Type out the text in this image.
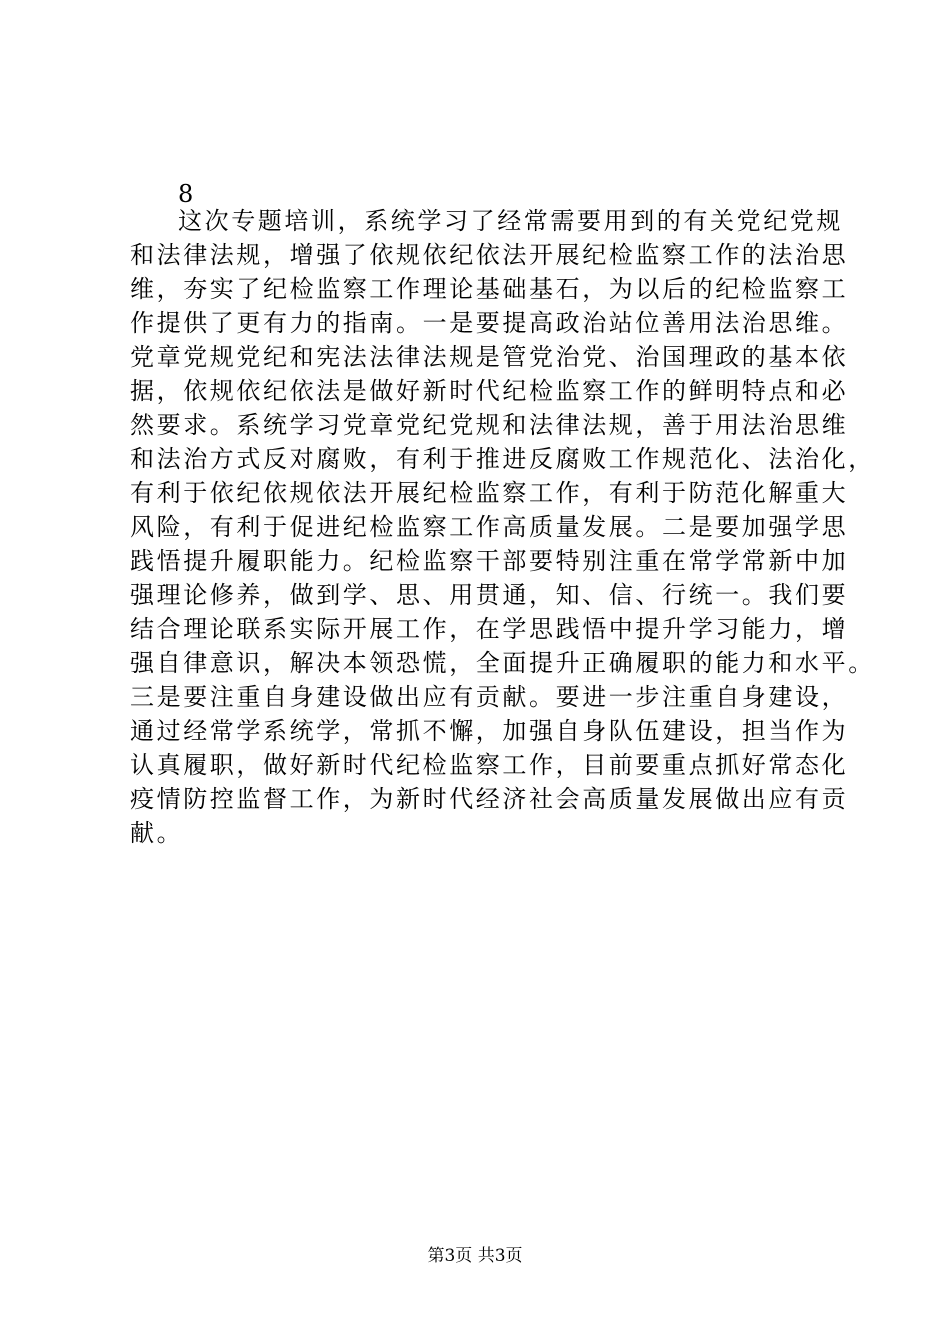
8
这次专题培训，系统学习了经常需要用到的有关党纪党规
和法律法规，增强了依规依纪依法开展纪检监察工作的法治思
维，夯实了纪检监察工作理论基础基石，为以后的纪检监察工
作提供了更有力的指南。一是要提高政治站位善用法治思维。
党章党规党纪和宪法法律法规是管党治党、治国理政的基本依
据，依规依纪依法是做好新时代纪检监察工作的鲜明特点和必
然要求。系统学习党章党纪党规和法律法规，善于用法治思维
和法治方式反对腐败，有利于推进反腐败工作规范化、法治化，
有利于依纪依规依法开展纪检监察工作，有利于防范化解重大
风险，有利于促进纪检监察工作高质量发展。二是要加强学思
践悟提升履职能力。纪检监察干部要特别注重在常学常新中加
强理论修养，做到学、思、用贯通，知、信、行统一。我们要
结合理论联系实际开展工作，在学思践悟中提升学习能力，增
强自律意识，解决本领恐慌，全面提升正确履职的能力和水平。
三是要注重自身建设做出应有贡献。要进一步注重自身建设，
通过经常学系统学，常抓不懈，加强自身队伍建设，担当作为
认真履职，做好新时代纪检监察工作，目前要重点抓好常态化
疫情防控监督工作，为新时代经济社会高质量发展做出应有贡
献。
第3页 共3页
